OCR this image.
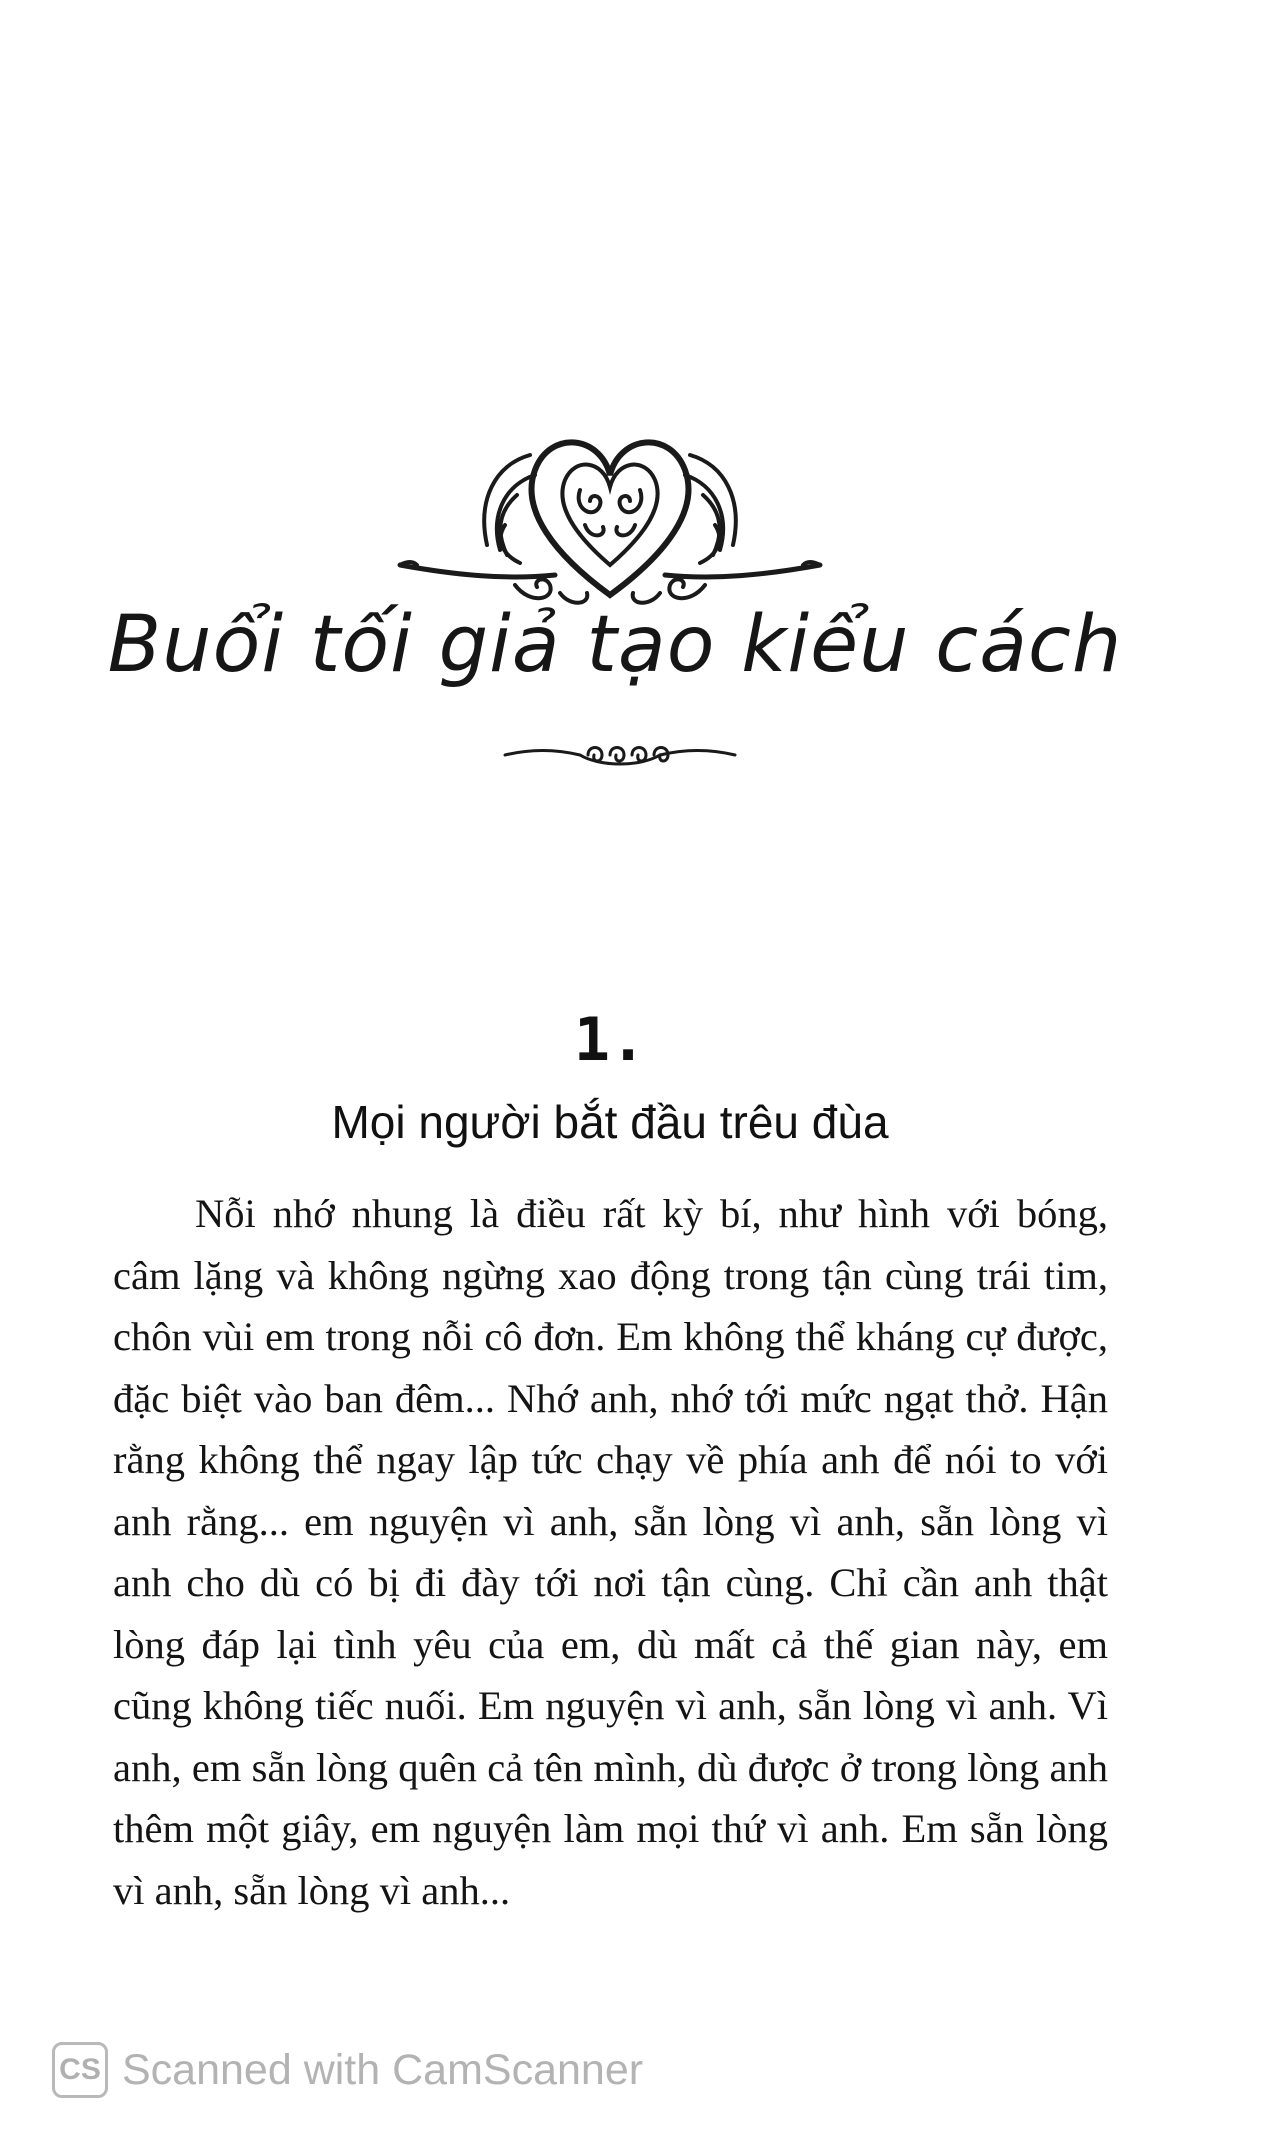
Buổi tối giả tạo kiểu cách
1.
Mọi người bắt đầu trêu đùa

Nỗi nhớ nhung là điều rất kỳ bí, như hình với bóng, câm lặng và không ngừng xao động trong tận cùng trái tim, chôn vùi em trong nỗi cô đơn. Em không thể kháng cự được, đặc biệt vào ban đêm... Nhớ anh, nhớ tới mức ngạt thở. Hận rằng không thể ngay lập tức chạy về phía anh để nói to với anh rằng... em nguyện vì anh, sẵn lòng vì anh, sẵn lòng vì anh cho dù có bị đi đày tới nơi tận cùng. Chỉ cần anh thật lòng đáp lại tình yêu của em, dù mất cả thế gian này, em cũng không tiếc nuối. Em nguyện vì anh, sẵn lòng vì anh. Vì anh, em sẵn lòng quên cả tên mình, dù được ở trong lòng anh thêm một giây, em nguyện làm mọi thứ vì anh. Em sẵn lòng vì anh, sẵn lòng vì anh...

CS Scanned with CamScanner
